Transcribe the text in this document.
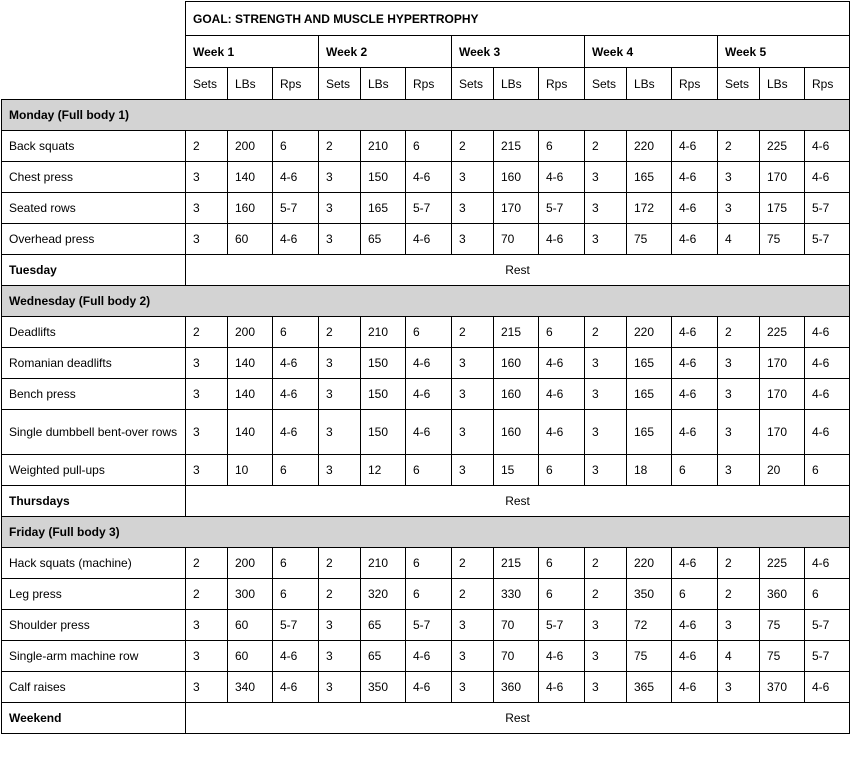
	GOAL: STRENGTH AND MUSCLE HYPERTROPHY														
	Week 1			Week 2			Week 3			Week 4			Week 5		
	Sets	LBs	Rps	Sets	LBs	Rps	Sets	LBs	Rps	Sets	LBs	Rps	Sets	LBs	Rps
Monday (Full body 1)															
Back squats	2	200	6	2	210	6	2	215	6	2	220	4-6	2	225	4-6
Chest press	3	140	4-6	3	150	4-6	3	160	4-6	3	165	4-6	3	170	4-6
Seated rows	3	160	5-7	3	165	5-7	3	170	5-7	3	172	4-6	3	175	5-7
Overhead press	3	60	4-6	3	65	4-6	3	70	4-6	3	75	4-6	4	75	5-7
Tuesday	Rest														
Wednesday (Full body 2)															
Deadlifts	2	200	6	2	210	6	2	215	6	2	220	4-6	2	225	4-6
Romanian deadlifts	3	140	4-6	3	150	4-6	3	160	4-6	3	165	4-6	3	170	4-6
Bench press	3	140	4-6	3	150	4-6	3	160	4-6	3	165	4-6	3	170	4-6
Single dumbbell bent-over rows	3	140	4-6	3	150	4-6	3	160	4-6	3	165	4-6	3	170	4-6
Weighted pull-ups	3	10	6	3	12	6	3	15	6	3	18	6	3	20	6
Thursdays	Rest														
Friday (Full body 3)															
Hack squats (machine)	2	200	6	2	210	6	2	215	6	2	220	4-6	2	225	4-6
Leg press	2	300	6	2	320	6	2	330	6	2	350	6	2	360	6
Shoulder press	3	60	5-7	3	65	5-7	3	70	5-7	3	72	4-6	3	75	5-7
Single-arm machine row	3	60	4-6	3	65	4-6	3	70	4-6	3	75	4-6	4	75	5-7
Calf raises	3	340	4-6	3	350	4-6	3	360	4-6	3	365	4-6	3	370	4-6
Weekend	Rest														
